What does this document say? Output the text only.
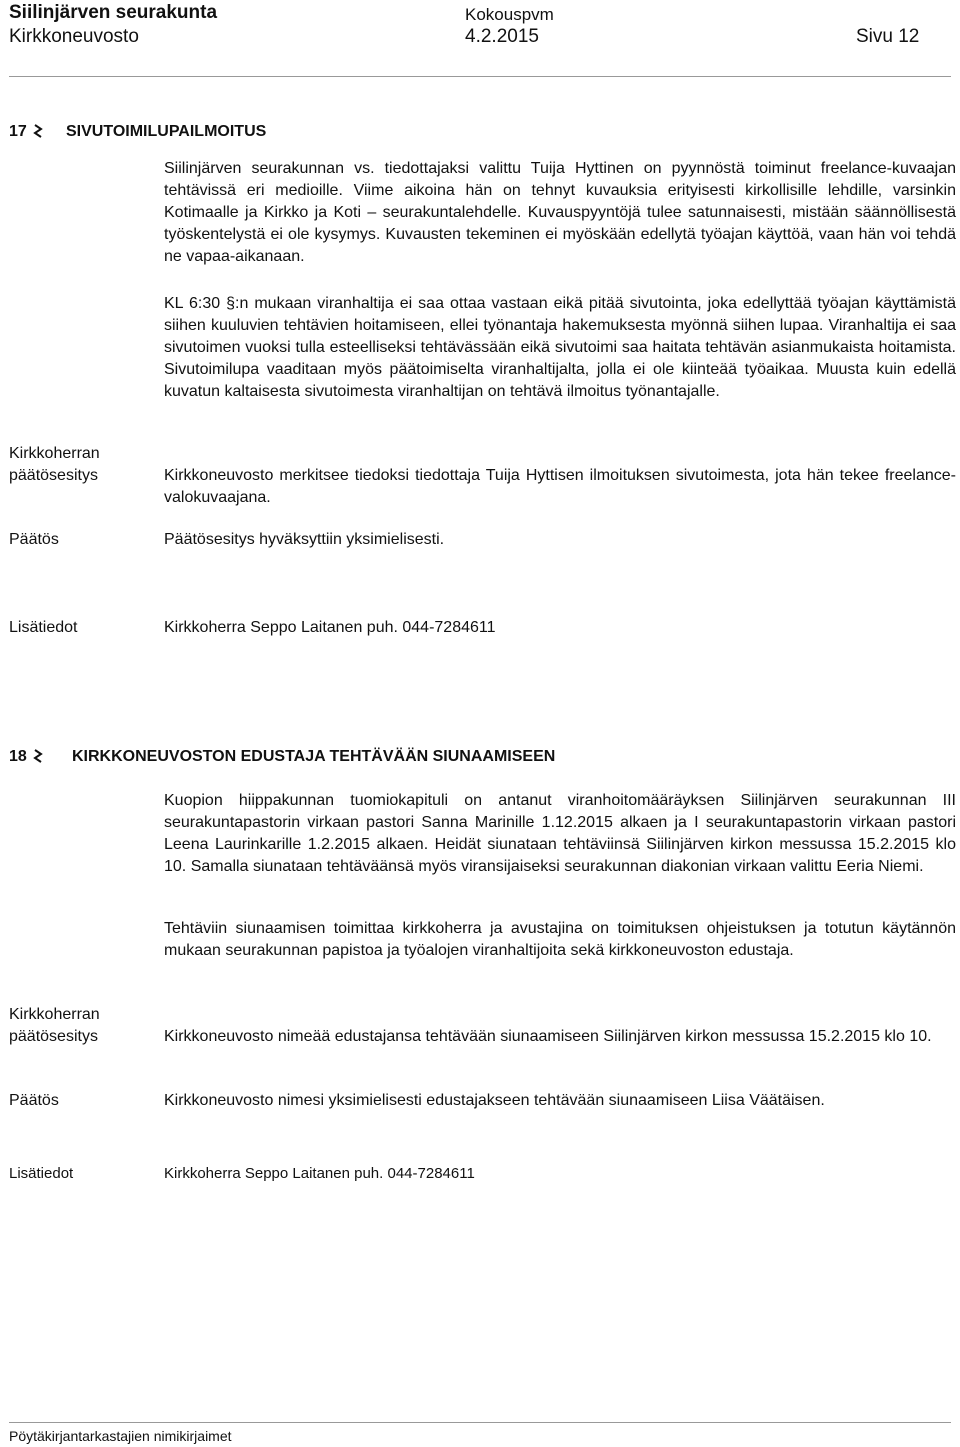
Siilinjärven seurakunta
Kirkkoneuvosto
Kokouspvm
4.2.2015	Sivu 12
17	SIVUTOIMILUPAILMOITUS
Siilinjärven seurakunnan vs. tiedottajaksi valittu Tuija Hyttinen on pyynnöstä toiminut freelance-kuvaajan tehtävissä eri medioille. Viime aikoina hän on tehnyt kuvauksia erityisesti kirkollisille lehdille, varsinkin Kotimaalle ja Kirkko ja Koti – seurakuntalehdelle. Kuvauspyyntöjä tulee satunnaisesti, mistään säännöllisestä työskentelystä ei ole kysymys. Kuvausten tekeminen ei myöskään edellytä työajan käyttöä, vaan hän voi tehdä ne vapaa-aikanaan.
KL 6:30 §:n mukaan viranhaltija ei saa ottaa vastaan eikä pitää sivutointa, joka edellyttää työajan käyttämistä siihen kuuluvien tehtävien hoitamiseen, ellei työnantaja hakemuksesta myönnä siihen lupaa. Viranhaltija ei saa sivutoimen vuoksi tulla esteelliseksi tehtävässään eikä sivutoimi saa haitata tehtävän asianmukaista hoitamista. Sivutoimilupa vaaditaan myös päätoimiselta viranhaltijalta, jolla ei ole kiinteää työaikaa. Muusta kuin edellä kuvatun kaltaisesta sivutoimesta viranhaltijan on tehtävä ilmoitus työnantajalle.
Kirkkoherran
päätösesitys	Kirkkoneuvosto merkitsee tiedoksi tiedottaja Tuija Hyttisen ilmoituksen sivutoimesta, jota hän tekee freelance-valokuvaajana.
Päätös	Päätösesitys hyväksyttiin yksimielisesti.
Lisätiedot	Kirkkoherra Seppo Laitanen puh. 044-7284611
18	KIRKKONEUVOSTON EDUSTAJA TEHTÄVÄÄN SIUNAAMISEEN
Kuopion hiippakunnan tuomiokapituli on antanut viranhoitomääräyksen Siilinjärven seurakunnan III seurakuntapastorin virkaan pastori Sanna Marinille 1.12.2015 alkaen ja I seurakuntapastorin virkaan pastori Leena Laurinkarille 1.2.2015 alkaen. Heidät siunataan tehtäviinsä Siilinjärven kirkon messussa 15.2.2015 klo 10. Samalla siunataan tehtäväänsä myös viransijaiseksi seurakunnan diakonian virkaan valittu Eeria Niemi.
Tehtäviin siunaamisen toimittaa kirkkoherra ja avustajina on toimituksen ohjeistuksen ja totutun käytännön mukaan seurakunnan papistoa ja työalojen viranhaltijoita sekä kirkkoneuvoston edustaja.
Kirkkoherran
päätösesitys	Kirkkoneuvosto nimeää edustajansa tehtävään siunaamiseen Siilinjärven kirkon messussa 15.2.2015 klo 10.
Päätös	Kirkkoneuvosto nimesi yksimielisesti edustajakseen tehtävään siunaamiseen Liisa Väätäisen.
Lisätiedot	Kirkkoherra Seppo Laitanen puh. 044-7284611
Pöytäkirjantarkastajien nimikirjaimet
